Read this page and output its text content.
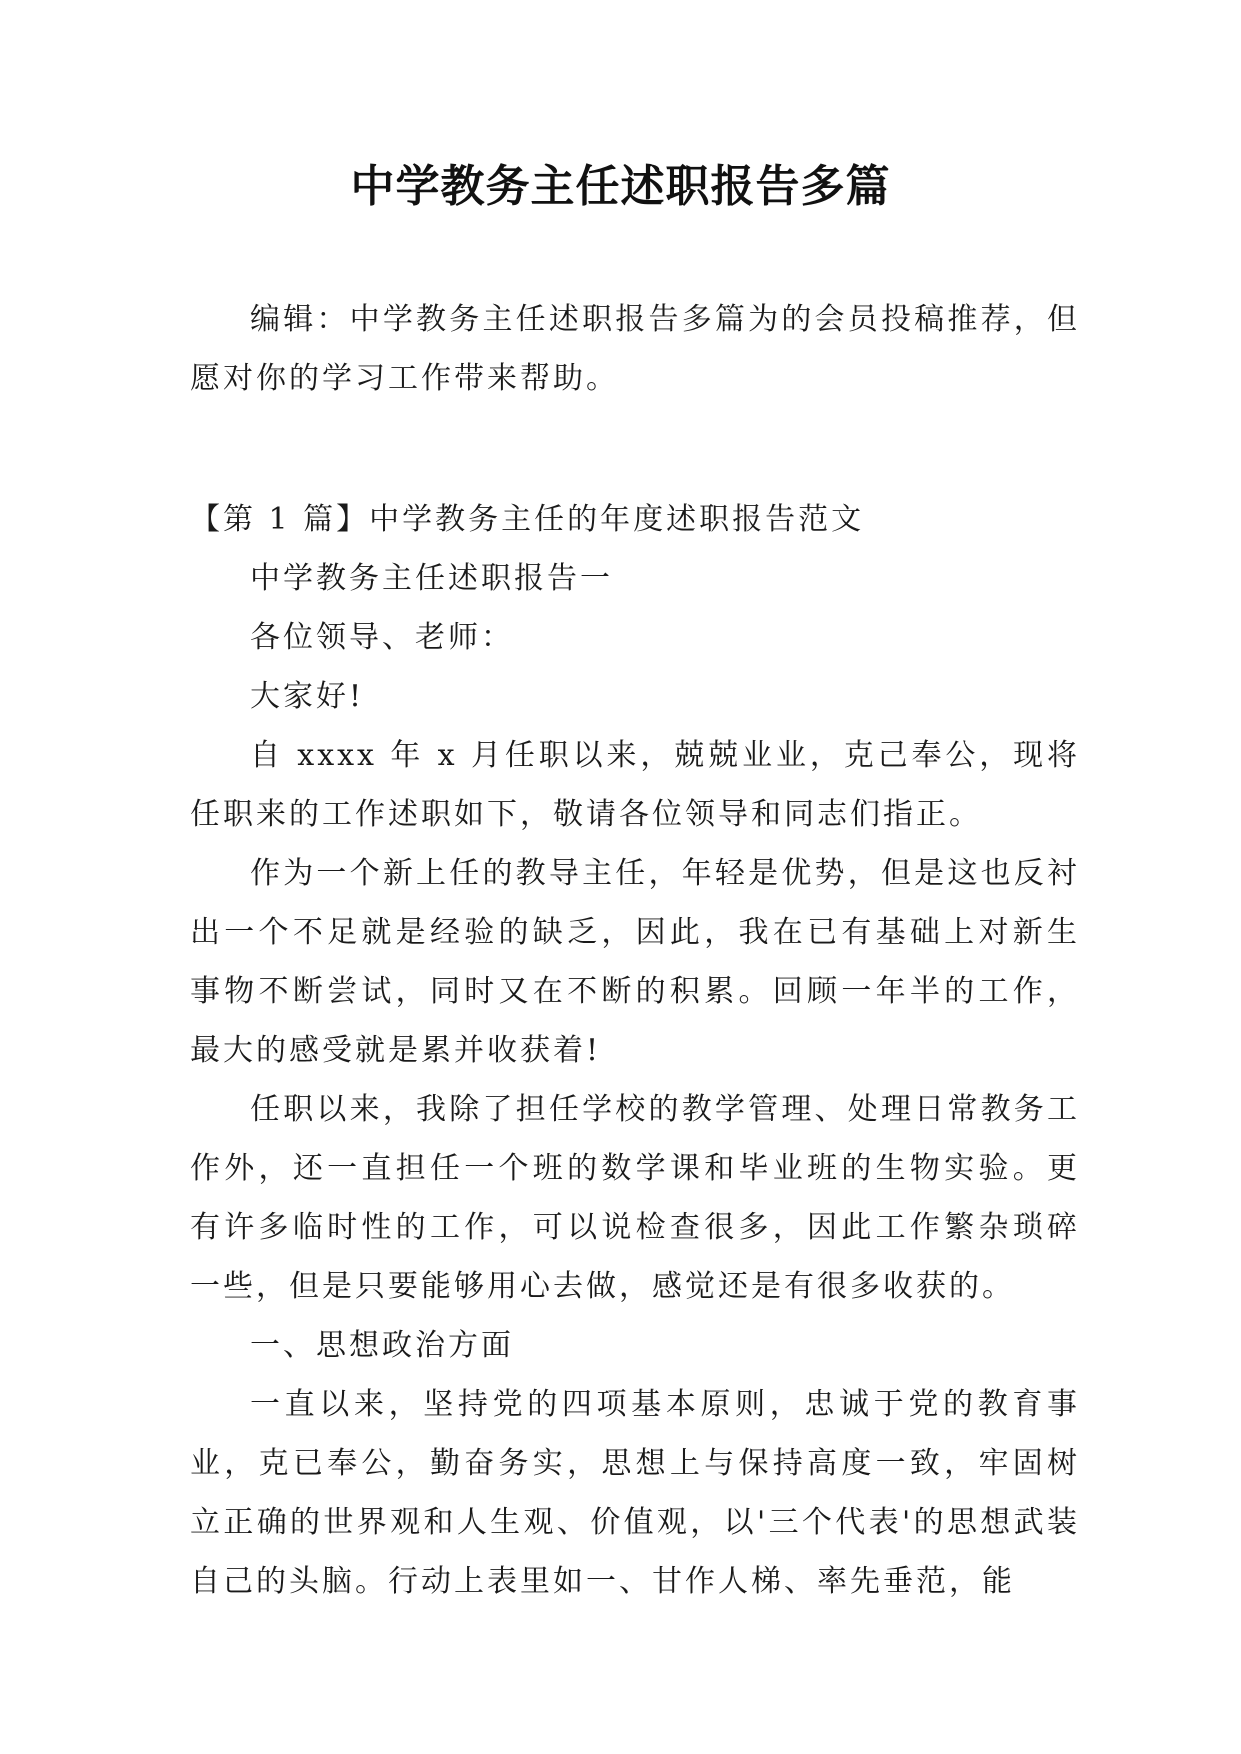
中学教务主任述职报告多篇

编辑：中学教务主任述职报告多篇为的会员投稿推荐，但愿对你的学习工作带来帮助。

【第 1 篇】中学教务主任的年度述职报告范文

中学教务主任述职报告一

各位领导、老师：

大家好!

自 xxxx 年 x 月任职以来，兢兢业业，克己奉公，现将任职来的工作述职如下，敬请各位领导和同志们指正。

作为一个新上任的教导主任，年轻是优势，但是这也反衬出一个不足就是经验的缺乏，因此，我在已有基础上对新生事物不断尝试，同时又在不断的积累。回顾一年半的工作，最大的感受就是累并收获着!

任职以来，我除了担任学校的教学管理、处理日常教务工作外，还一直担任一个班的数学课和毕业班的生物实验。更有许多临时性的工作，可以说检查很多，因此工作繁杂琐碎一些，但是只要能够用心去做，感觉还是有很多收获的。

一、思想政治方面

一直以来，坚持党的四项基本原则，忠诚于党的教育事业，克已奉公，勤奋务实，思想上与保持高度一致，牢固树立正确的世界观和人生观、价值观，以'三个代表'的思想武装自己的头脑。行动上表里如一、甘作人梯、率先垂范，能
